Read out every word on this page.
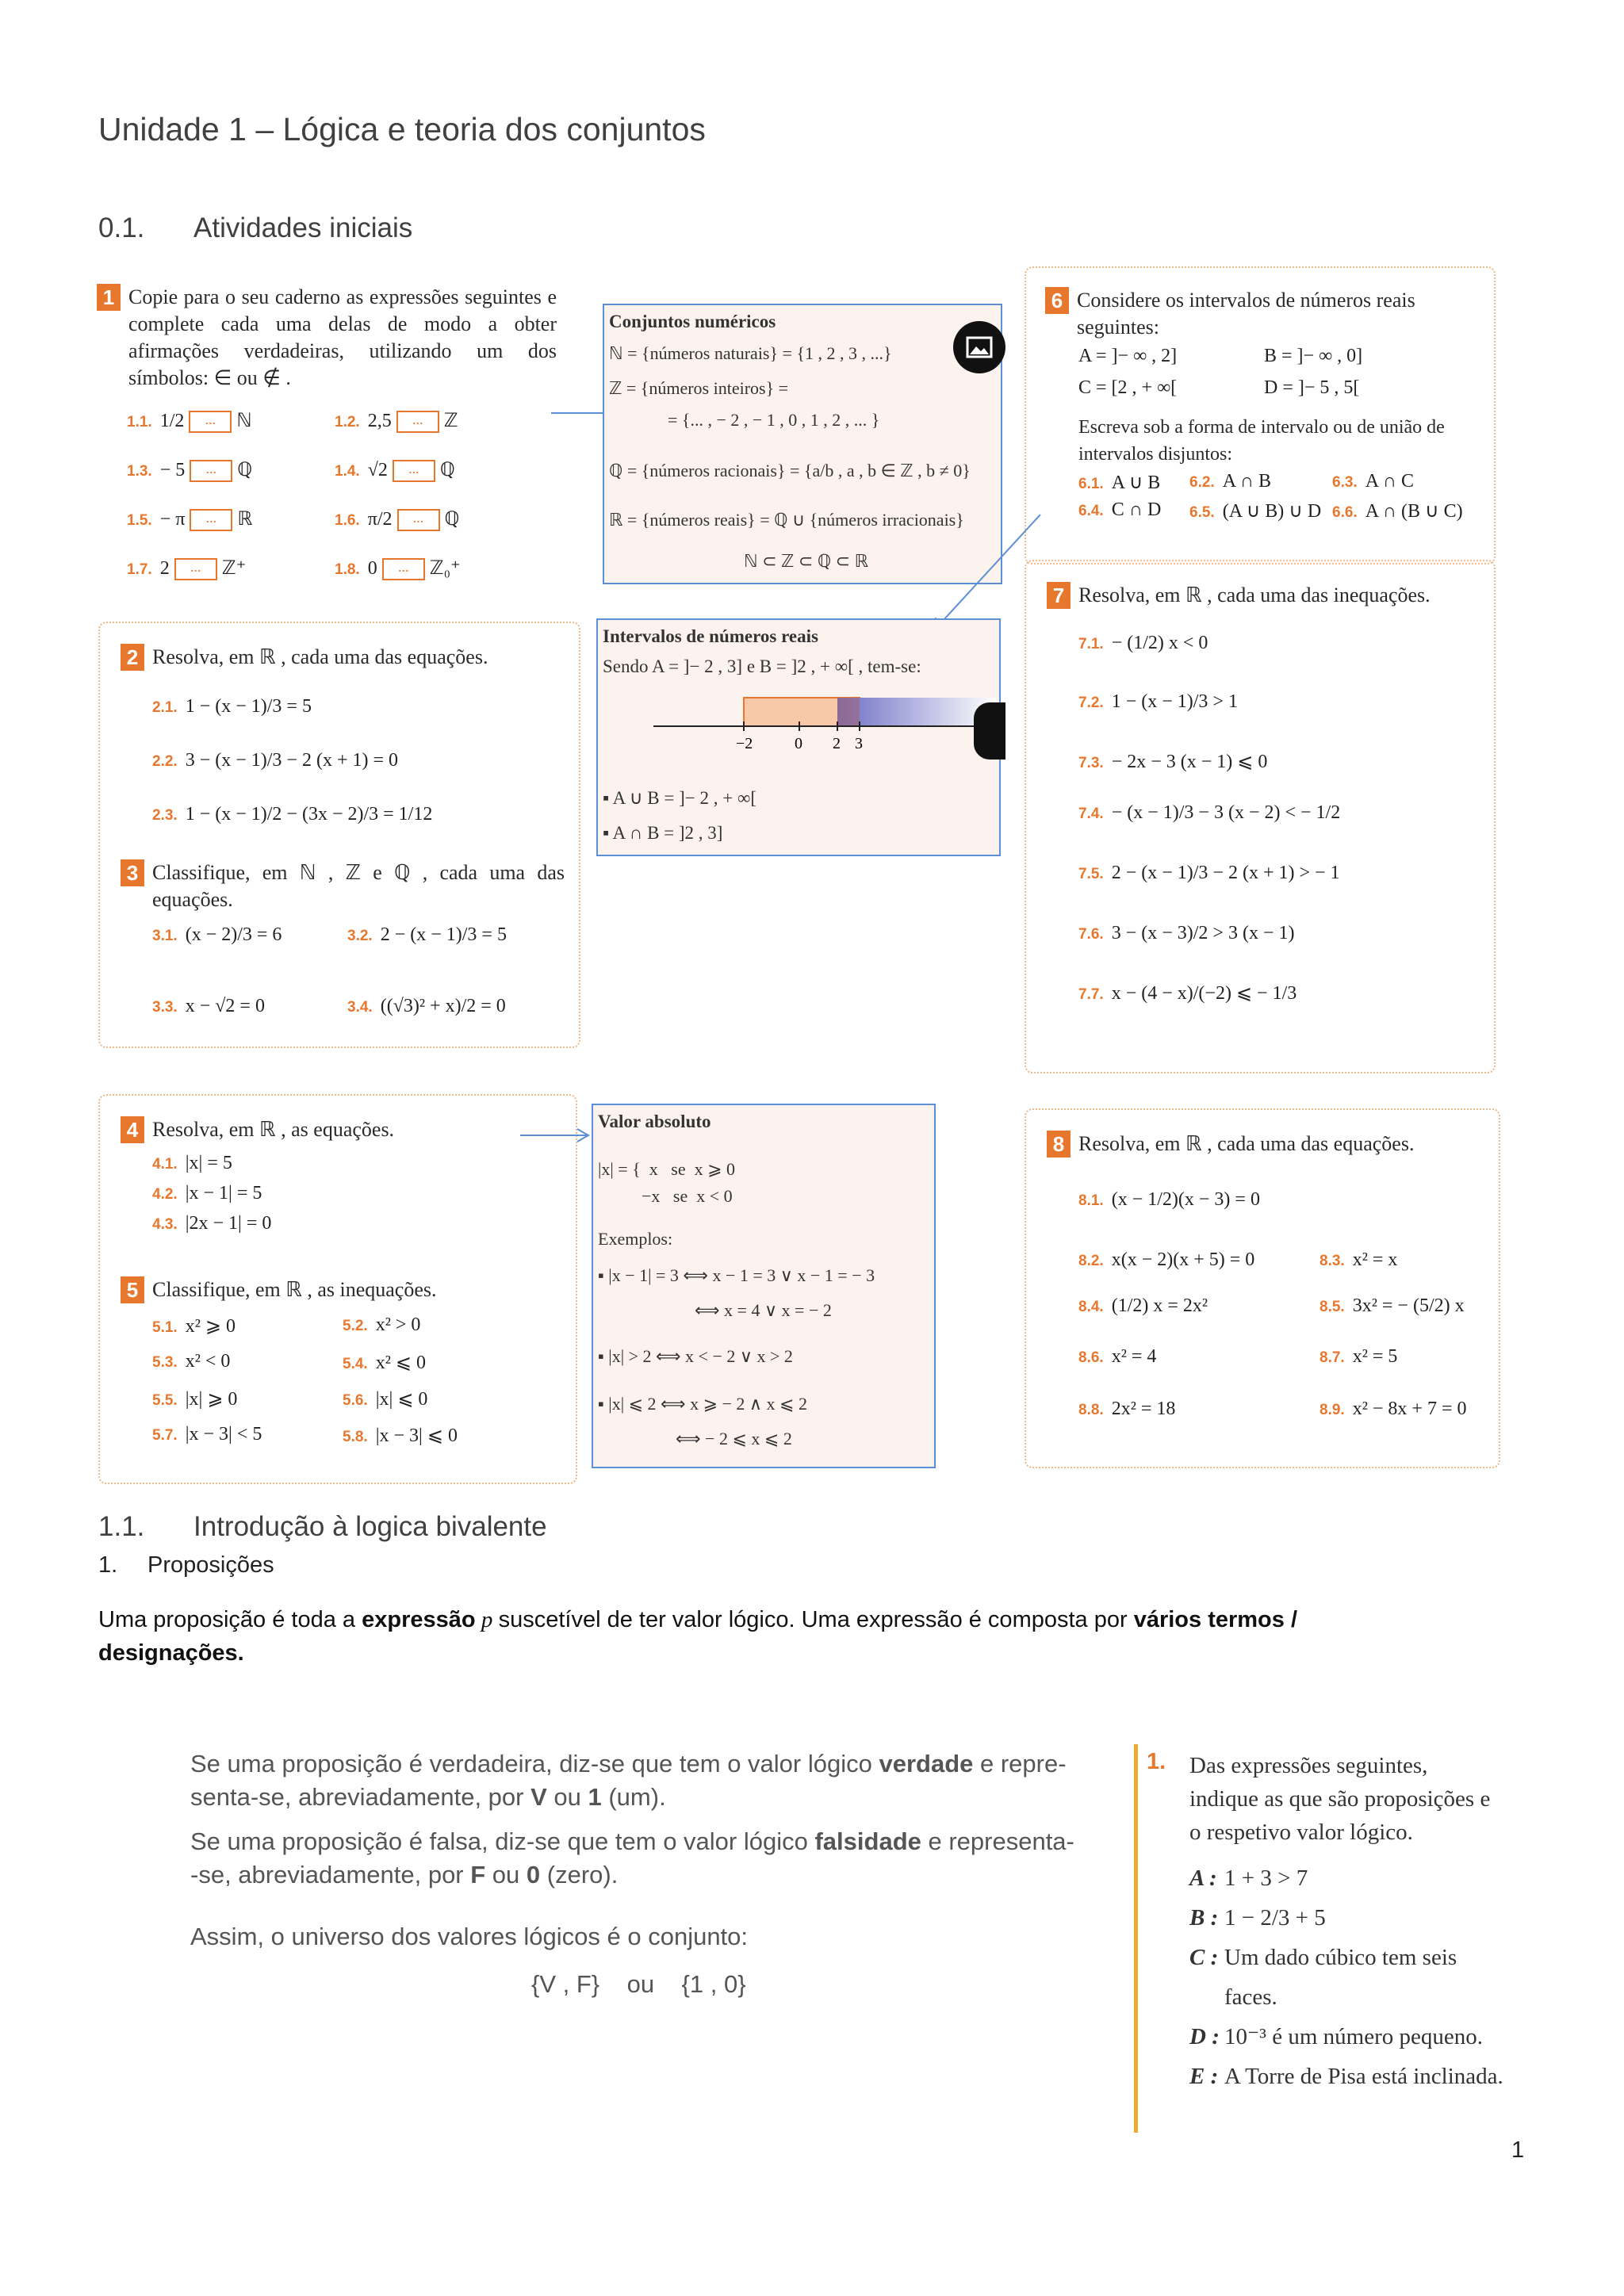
Unidade 1 – Lógica e teoria dos conjuntos
0.1. Atividades iniciais
1 Copie para o seu caderno as expressões seguintes e complete cada uma delas de modo a obter afirmações verdadeiras, utilizando um dos símbolos: ∈ ou ∉ .
1.1. 1/2 ... ℕ	1.2. 2,5 ... ℤ
1.3. − 5 ... ℚ	1.4. √2 ... ℚ
1.5. − π ... ℝ	1.6. π/2 ... ℚ
1.7. 2 ... ℤ⁺	1.8. 0 ... ℤ₀⁺
Conjuntos numéricos
ℕ = {números naturais} = {1 , 2 , 3 , ...}
ℤ = {números inteiros} =
= {... , − 2 , − 1 , 0 , 1 , 2 , ... }
ℚ = {números racionais} = {a/b , a , b ∈ ℤ , b ≠ 0}
ℝ = {números reais} = ℚ ∪ {números irracionais}
ℕ ⊂ ℤ ⊂ ℚ ⊂ ℝ
6 Considere os intervalos de números reais seguintes:
A = ]− ∞ , 2]	B = ]− ∞ , 0]
C = [2 , + ∞[	D = ]− 5 , 5[
Escreva sob a forma de intervalo ou de união de intervalos disjuntos:
6.1. A ∪ B 6.2. A ∩ B	6.3. A ∩ C
6.4. C ∩ D 6.5. (A ∪ B) ∪ D 6.6. A ∩ (B ∪ C)
Intervalos de números reais
Sendo A = ]− 2 , 3] e B = ]2 , + ∞[ , tem-se:
−2	0 2 3
▪ A ∪ B = ]− 2 , + ∞[
▪ A ∩ B = ]2 , 3]
2 Resolva, em ℝ , cada uma das equações.
2.1. 1 − (x − 1)/3 = 5
2.2. 3 − (x − 1)/3 − 2 (x + 1) = 0
2.3. 1 − (x − 1)/2 − (3x − 2)/3 = 1/12
3 Classifique, em ℕ , ℤ e ℚ , cada uma das equações.
3.1. (x − 2)/3 = 6	3.2. 2 − (x − 1)/3 = 5
3.3. x − √2 = 0	3.4. ((√3)² + x)/2 = 0
7 Resolva, em ℝ , cada uma das inequações.
7.1. − (1/2) x < 0
7.2. 1 − (x − 1)/3 > 1
7.3. − 2x − 3 (x − 1) ⩽ 0
7.4. − (x − 1)/3 − 3 (x − 2) < − 1/2
7.5. 2 − (x − 1)/3 − 2 (x + 1) > − 1
7.6. 3 − (x − 3)/2 > 3 (x − 1)
7.7. x − (4 − x)/(−2) ⩽ − 1/3
4 Resolva, em ℝ , as equações.
4.1. |x| = 5
4.2. |x − 1| = 5
4.3. |2x − 1| = 0
5 Classifique, em ℝ , as inequações.
5.1. x² ⩾ 0	5.2. x² > 0
5.3. x² < 0	5.4. x² ⩽ 0
5.5. |x| ⩾ 0	5.6. |x| ⩽ 0
5.7. |x − 3| < 5	5.8. |x − 3| ⩽ 0
Valor absoluto
|x| = {  x   se  x ⩾ 0
−x   se  x < 0
Exemplos:
▪ |x − 1| = 3 ⟺ x − 1 = 3 ∨ x − 1 = − 3
⟺ x = 4 ∨ x = − 2
▪ |x| > 2 ⟺ x < − 2 ∨ x > 2
▪ |x| ⩽ 2 ⟺ x ⩾ − 2 ∧ x ⩽ 2
⟺ − 2 ⩽ x ⩽ 2
8 Resolva, em ℝ , cada uma das equações.
8.1. (x − 1/2)(x − 3) = 0
8.2. x(x − 2)(x + 5) = 0	8.3. x² = x
8.4. (1/2) x = 2x²	8.5. 3x² = − (5/2) x
8.6. x² = 4	8.7. x² = 5
8.8. 2x² = 18	8.9. x² − 8x + 7 = 0
1.1. Introdução à logica bivalente
1. Proposições
Uma proposição é toda a expressão p suscetível de ter valor lógico. Uma expressão é composta por vários termos /
designações.
Se uma proposição é verdadeira, diz-se que tem o valor lógico verdade e repre-
senta-se, abreviadamente, por V ou 1 (um).
Se uma proposição é falsa, diz-se que tem o valor lógico falsidade e representa-
-se, abreviadamente, por F ou 0 (zero).
Assim, o universo dos valores lógicos é o conjunto:
{V , F}    ou    {1 , 0}
1.	Das expressões seguintes,
indique as que são proposições e
o respetivo valor lógico.
A : 1 + 3 > 7
B : 1 − 2/3 + 5
C : Um dado cúbico tem seis
faces.
D : 10⁻³ é um número pequeno.
E : A Torre de Pisa está inclinada.
1
